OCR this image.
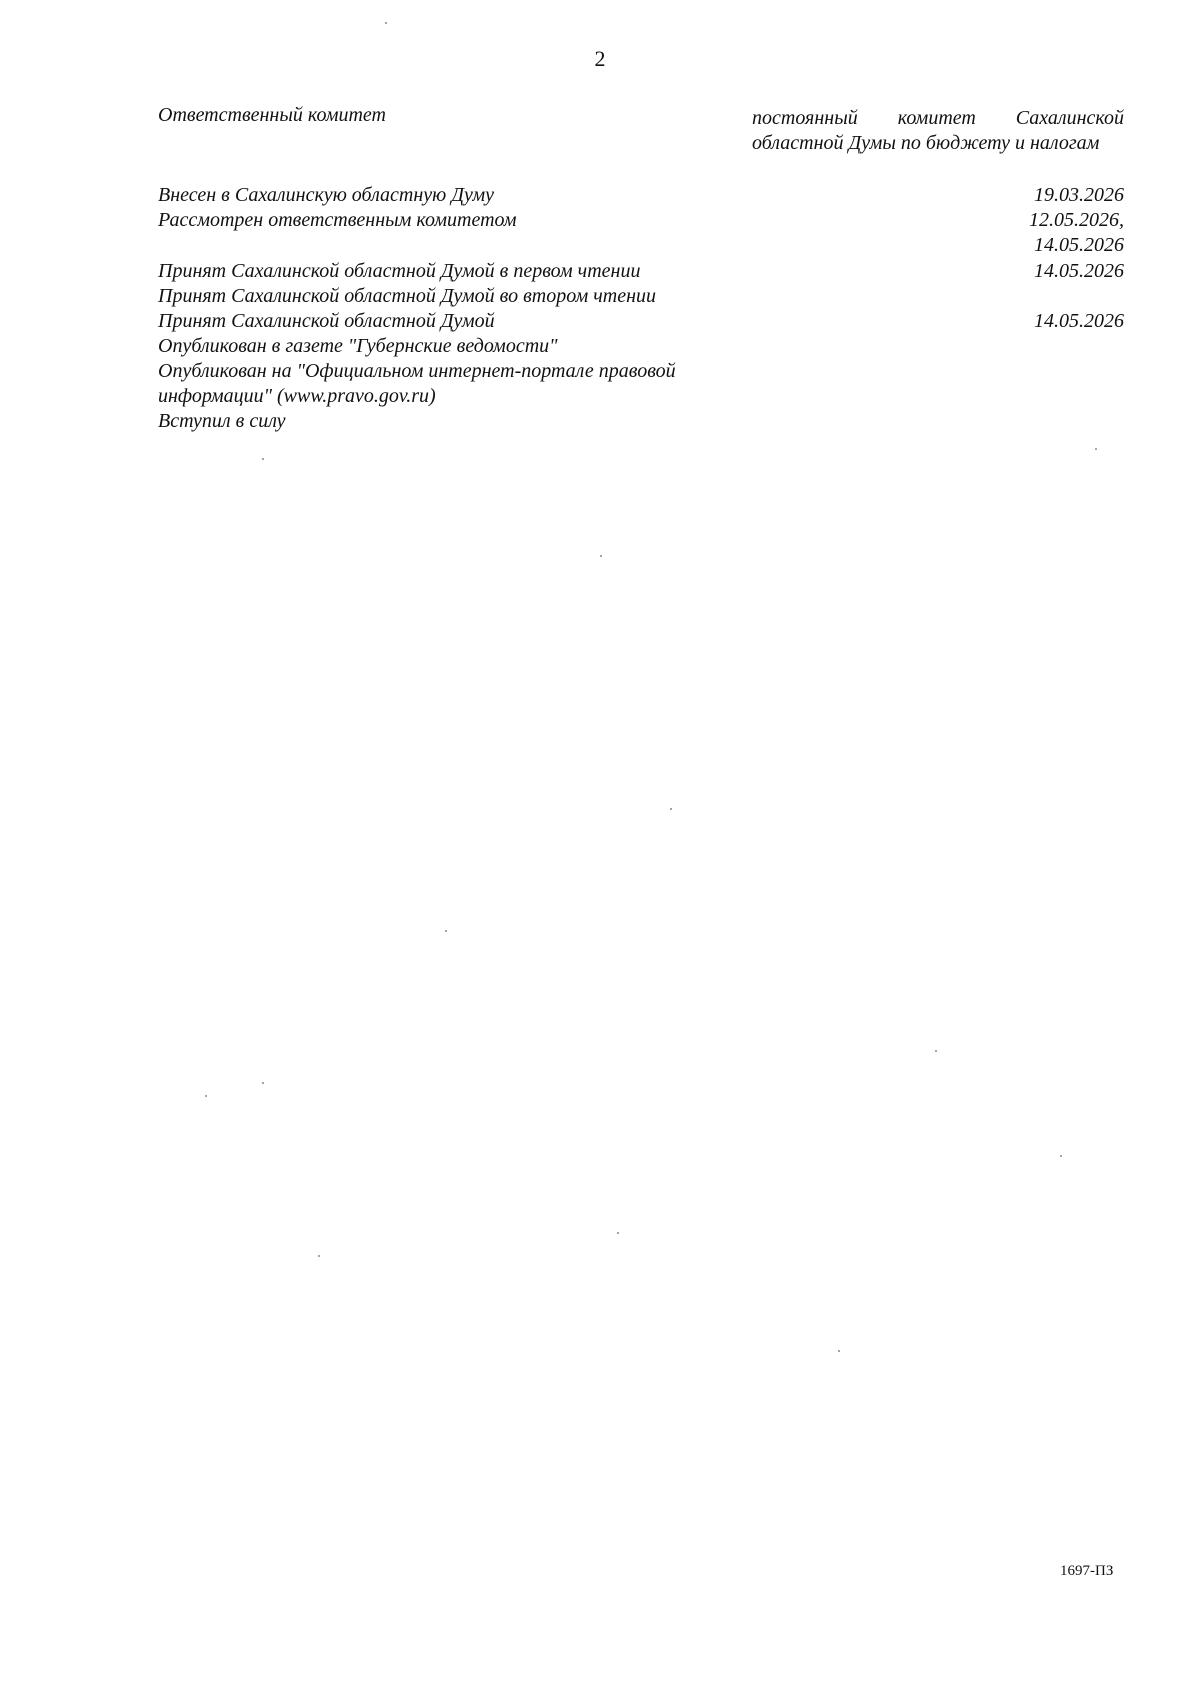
2
Ответственный комитет	постоянный комитет Сахалинской областной Думы по бюджету и налогам
Внесен в Сахалинскую областную Думу	19.03.2026
Рассмотрен ответственным комитетом	12.05.2026,
14.05.2026
Принят Сахалинской областной Думой в первом чтении	14.05.2026
Принят Сахалинской областной Думой во втором чтении
Принят Сахалинской областной Думой	14.05.2026
Опубликован в газете "Губернские ведомости"
Опубликован на "Официальном интернет-портале правовой информации" (www.pravo.gov.ru)
Вступил в силу
1697-ПЗ
